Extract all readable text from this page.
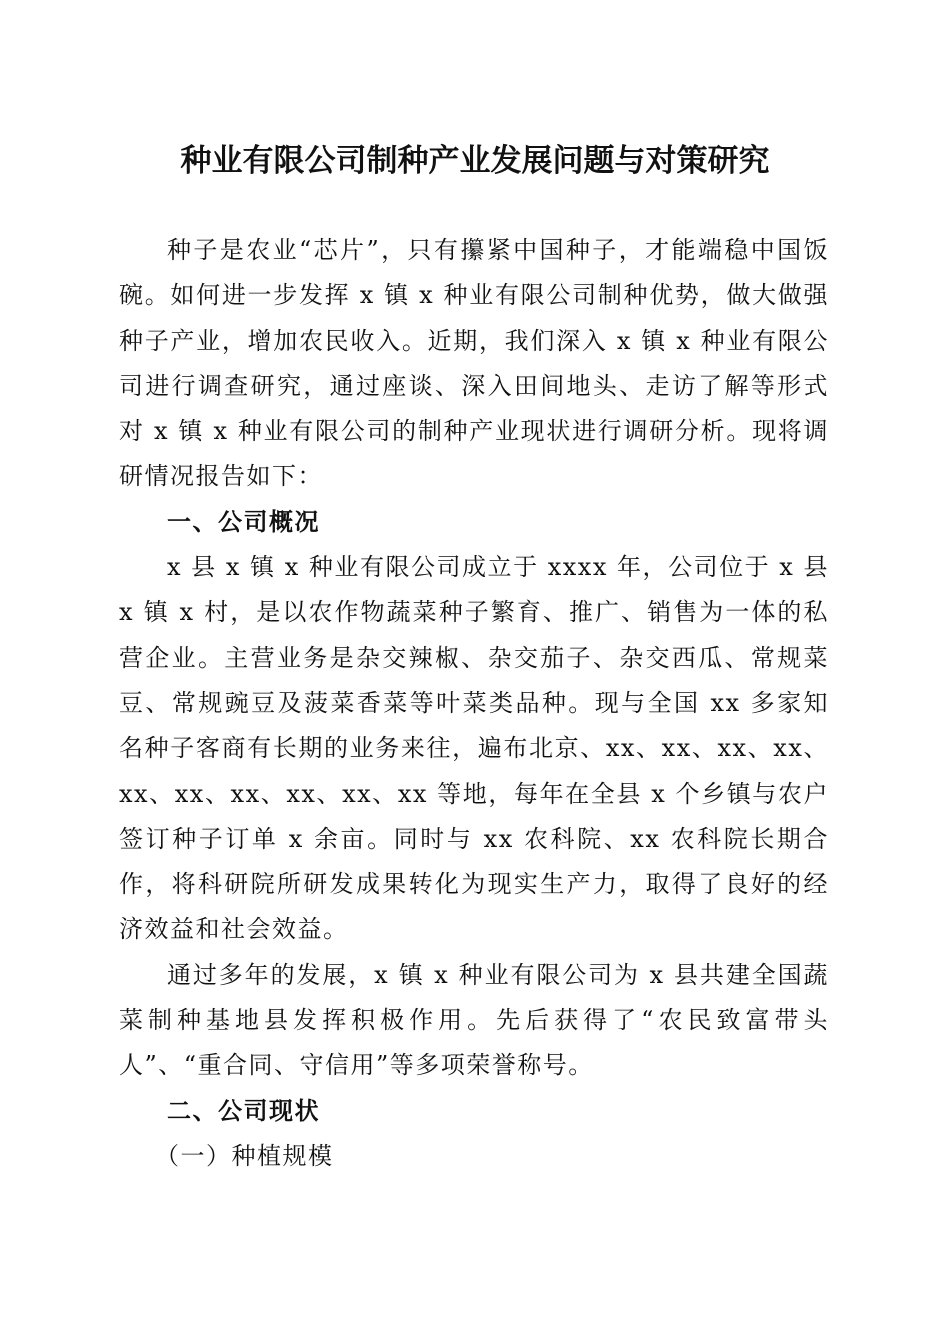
种业有限公司制种产业发展问题与对策研究

种子是农业“芯片”，只有攥紧中国种子，才能端稳中国饭碗。如何进一步发挥 x 镇 x 种业有限公司制种优势，做大做强种子产业，增加农民收入。近期，我们深入 x 镇 x 种业有限公司进行调查研究，通过座谈、深入田间地头、走访了解等形式对 x 镇 x 种业有限公司的制种产业现状进行调研分析。现将调研情况报告如下：

一、公司概况

x 县 x 镇 x 种业有限公司成立于 xxxx 年，公司位于 x 县 x 镇 x 村，是以农作物蔬菜种子繁育、推广、销售为一体的私营企业。主营业务是杂交辣椒、杂交茄子、杂交西瓜、常规菜豆、常规豌豆及菠菜香菜等叶菜类品种。现与全国 xx 多家知名种子客商有长期的业务来往，遍布北京、xx、xx、xx、xx、xx、xx、xx、xx、xx、xx 等地，每年在全县 x 个乡镇与农户签订种子订单 x 余亩。同时与 xx 农科院、xx 农科院长期合作，将科研院所研发成果转化为现实生产力，取得了良好的经济效益和社会效益。

通过多年的发展，x 镇 x 种业有限公司为 x 县共建全国蔬菜制种基地县发挥积极作用。先后获得了“农民致富带头人”、“重合同、守信用”等多项荣誉称号。

二、公司现状
（一）种植规模
